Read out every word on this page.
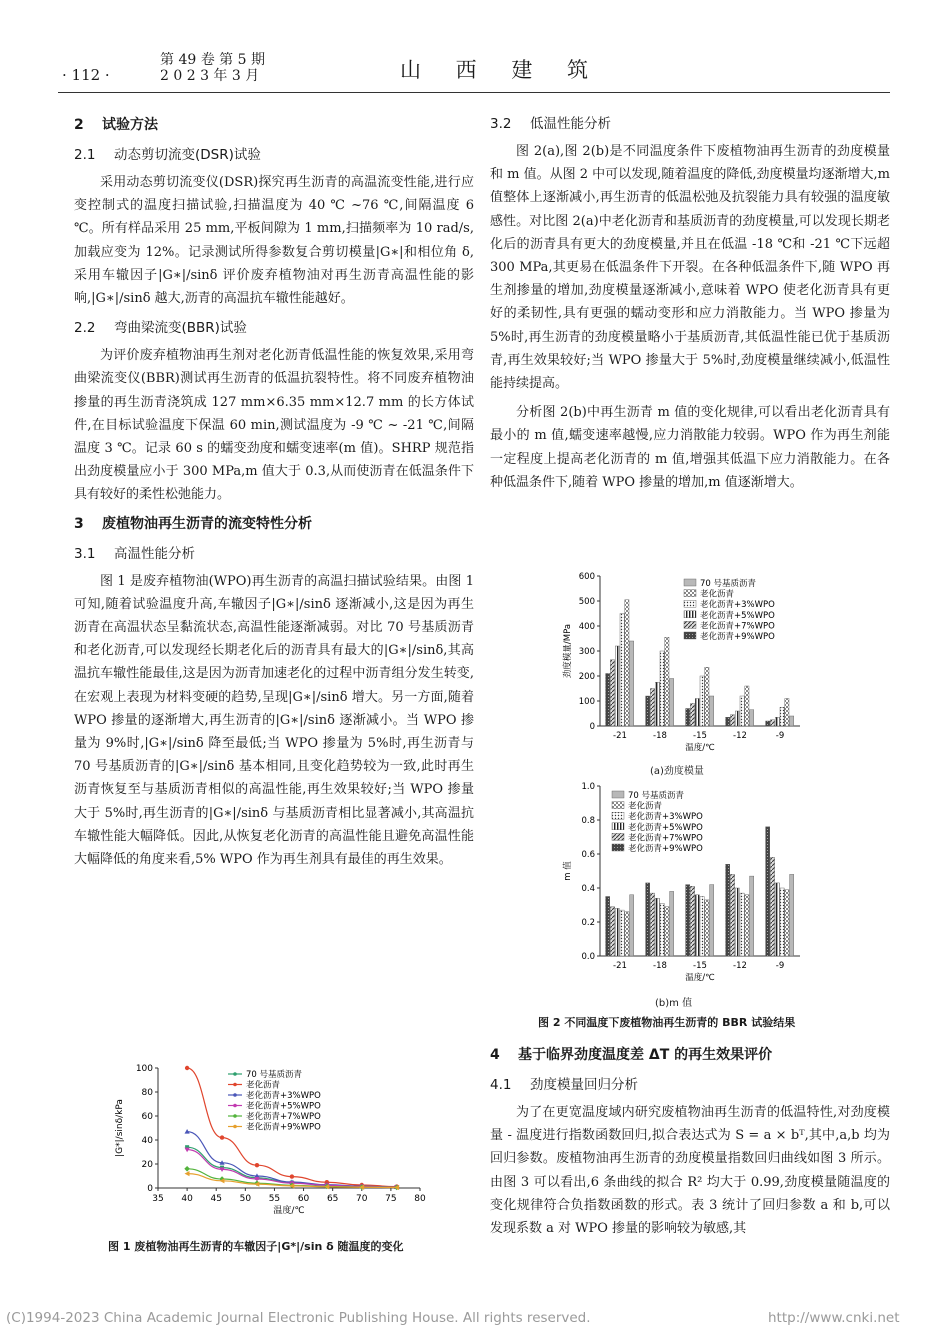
· 112 ·
第 49 卷 第 5 期
2 0 2 3 年 3 月	山 西 建 筑
2 试验方法
2.1 动态剪切流变(DSR)试验

采用动态剪切流变仪(DSR)探究再生沥青的高温流变性能,进行应变控制式的温度扫描试验,扫描温度为 40 ℃ ~76 ℃,间隔温度 6 ℃。所有样品采用 25 mm,平板间隙为 1 mm,扫描频率为 10 rad/s,加载应变为 12%。记录测试所得参数复合剪切模量|G∗|和相位角 δ,采用车辙因子|G∗|/sinδ 评价废弃植物油对再生沥青高温性能的影响,|G∗|/sinδ 越大,沥青的高温抗车辙性能越好。

2.2 弯曲梁流变(BBR)试验

为评价废弃植物油再生剂对老化沥青低温性能的恢复效果,采用弯曲梁流变仪(BBR)测试再生沥青的低温抗裂特性。将不同废弃植物油掺量的再生沥青浇筑成 127 mm×6.35 mm×12.7 mm 的长方体试件,在目标试验温度下保温 60 min,测试温度为 -9 ℃ ~ -21 ℃,间隔温度 3 ℃。记录 60 s 的蠕变劲度和蠕变速率(m 值)。SHRP 规范指出劲度模量应小于 300 MPa,m 值大于 0.3,从而使沥青在低温条件下具有较好的柔性松弛能力。

3 废植物油再生沥青的流变特性分析
3.1 高温性能分析

图 1 是废弃植物油(WPO)再生沥青的高温扫描试验结果。由图 1 可知,随着试验温度升高,车辙因子|G∗|/sinδ 逐渐减小,这是因为再生沥青在高温状态呈黏流状态,高温性能逐渐减弱。对比 70 号基质沥青和老化沥青,可以发现经长期老化后的沥青具有最大的|G∗|/sinδ,其高温抗车辙性能最佳,这是因为沥青加速老化的过程中沥青组分发生转变,在宏观上表现为材料变硬的趋势,呈现|G∗|/sinδ 增大。另一方面,随着 WPO 掺量的逐渐增大,再生沥青的|G∗|/sinδ 逐渐减小。当 WPO 掺量为 9%时,|G∗|/sinδ 降至最低;当 WPO 掺量为 5%时,再生沥青与 70 号基质沥青的|G∗|/sinδ 基本相同,且变化趋势较为一致,此时再生沥青恢复至与基质沥青相似的高温性能,再生效果较好;当 WPO 掺量大于 5%时,再生沥青的|G∗|/sinδ 与基质沥青相比显著减小,其高温抗车辙性能大幅降低。因此,从恢复老化沥青的高温性能且避免高温性能大幅降低的角度来看,5% WPO 作为再生剂具有最佳的再生效果。

0
20
40
60
80
100
35 40 45 50 55 60 65 70 75 80
温度/℃
|G*|/sinδ/kPa
70 号基质沥青
老化沥青
老化沥青+3%WPO
老化沥青+5%WPO
老化沥青+7%WPO
老化沥青+9%WPO
图 1 废植物油再生沥青的车辙因子|G*|/sin δ 随温度的变化
3.2 低温性能分析

图 2(a),图 2(b)是不同温度条件下废植物油再生沥青的劲度模量和 m 值。从图 2 中可以发现,随着温度的降低,劲度模量均逐渐增大,m 值整体上逐渐减小,再生沥青的低温松弛及抗裂能力具有较强的温度敏感性。对比图 2(a)中老化沥青和基质沥青的劲度模量,可以发现长期老化后的沥青具有更大的劲度模量,并且在低温 -18 ℃和 -21 ℃下远超 300 MPa,其更易在低温条件下开裂。在各种低温条件下,随 WPO 再生剂掺量的增加,劲度模量逐渐减小,意味着 WPO 使老化沥青具有更好的柔韧性,具有更强的蠕动变形和应力消散能力。当 WPO 掺量为 5%时,再生沥青的劲度模量略小于基质沥青,其低温性能已优于基质沥青,再生效果较好;当 WPO 掺量大于 5%时,劲度模量继续减小,低温性能持续提高。

分析图 2(b)中再生沥青 m 值的变化规律,可以看出老化沥青具有最小的 m 值,蠕变速率越慢,应力消散能力较弱。WPO 作为再生剂能一定程度上提高老化沥青的 m 值,增强其低温下应力消散能力。在各种低温条件下,随着 WPO 掺量的增加,m 值逐渐增大。

0
100
200
300
400
500
600
-21	-18	-15	-12	-9
温度/℃
劲度模量/MPa
70 号基质沥青
老化沥青
老化沥青+3%WPO
老化沥青+5%WPO
老化沥青+7%WPO
老化沥青+9%WPO
(a)劲度模量
0.0
0.2
0.4
0.6
0.8
1.0
-21	-18	-15	-12	-9
温度/℃
m 值
70 号基质沥青
老化沥青
老化沥青+3%WPO
老化沥青+5%WPO
老化沥青+7%WPO
老化沥青+9%WPO
(b)m 值
图 2 不同温度下废植物油再生沥青的 BBR 试验结果
4 基于临界劲度温度差 ΔT 的再生效果评价
4.1 劲度模量回归分析

为了在更宽温度域内研究废植物油再生沥青的低温特性,对劲度模量 - 温度进行指数函数回归,拟合表达式为 S = a × bᵀ,其中,a,b 均为回归参数。废植物油再生沥青的劲度模量指数回归曲线如图 3 所示。由图 3 可以看出,6 条曲线的拟合 R² 均大于 0.99,劲度模量随温度的变化规律符合负指数函数的形式。表 3 统计了回归参数 a 和 b,可以发现系数 a 对 WPO 掺量的影响较为敏感,其

(C)1994-2023 China Academic Journal Electronic Publishing House. All rights reserved.	http://www.cnki.net
